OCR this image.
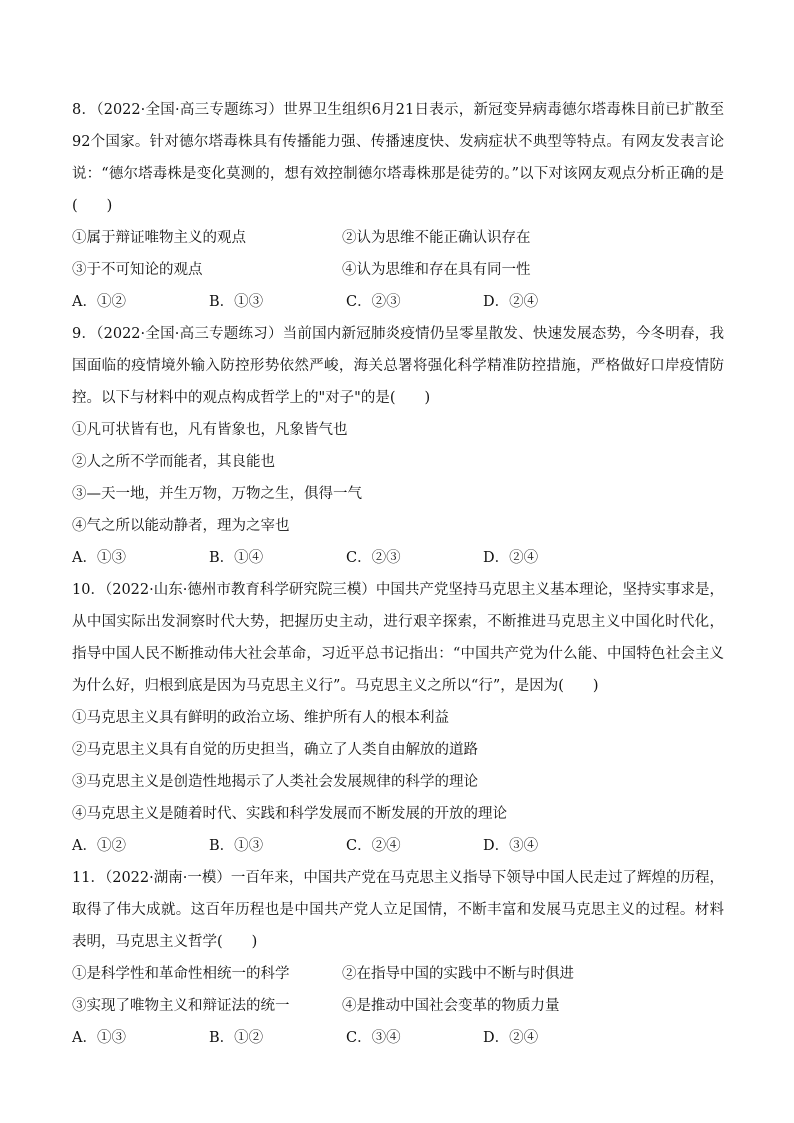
8．（2022·全国·高三专题练习）世界卫生组织6月21日表示，新冠变异病毒德尔塔毒株目前已扩散至92个国家。针对德尔塔毒株具有传播能力强、传播速度快、发病症状不典型等特点。有网友发表言论说：“德尔塔毒株是变化莫测的，想有效控制德尔塔毒株那是徒劳的。”以下对该网友观点分析正确的是(　　)

①属于辩证唯物主义的观点	②认为思维不能正确认识存在
③于不可知论的观点	④认为思维和存在具有同一性
A．①②	B．①③	C．②③	D．②④

9．（2022·全国·高三专题练习）当前国内新冠肺炎疫情仍呈零星散发、快速发展态势，今冬明春，我国面临的疫情境外输入防控形势依然严峻，海关总署将强化科学精准防控措施，严格做好口岸疫情防控。以下与材料中的观点构成哲学上的"对子"的是(　　)

①凡可状皆有也，凡有皆象也，凡象皆气也
②人之所不学而能者，其良能也
③—天一地，并生万物，万物之生，俱得一气
④气之所以能动静者，理为之宰也
A．①③	B．①④	C．②③	D．②④

10．（2022·山东·德州市教育科学研究院三模）中国共产党坚持马克思主义基本理论，坚持实事求是，从中国实际出发洞察时代大势，把握历史主动，进行艰辛探索，不断推进马克思主义中国化时代化，指导中国人民不断推动伟大社会革命，习近平总书记指出：“中国共产党为什么能、中国特色社会主义为什么好，归根到底是因为马克思主义行”。马克思主义之所以“行”，是因为(　　)

①马克思主义具有鲜明的政治立场、维护所有人的根本利益
②马克思主义具有自觉的历史担当，确立了人类自由解放的道路
③马克思主义是创造性地揭示了人类社会发展规律的科学的理论
④马克思主义是随着时代、实践和科学发展而不断发展的开放的理论
A．①②	B．①③	C．②④	D．③④

11．（2022·湖南·一模）一百年来，中国共产党在马克思主义指导下领导中国人民走过了辉煌的历程，取得了伟大成就。这百年历程也是中国共产党人立足国情，不断丰富和发展马克思主义的过程。材料表明，马克思主义哲学(　　)

①是科学性和革命性相统一的科学	②在指导中国的实践中不断与时俱进
③实现了唯物主义和辩证法的统一	④是推动中国社会变革的物质力量
A．①③	B．①②	C．③④	D．②④
